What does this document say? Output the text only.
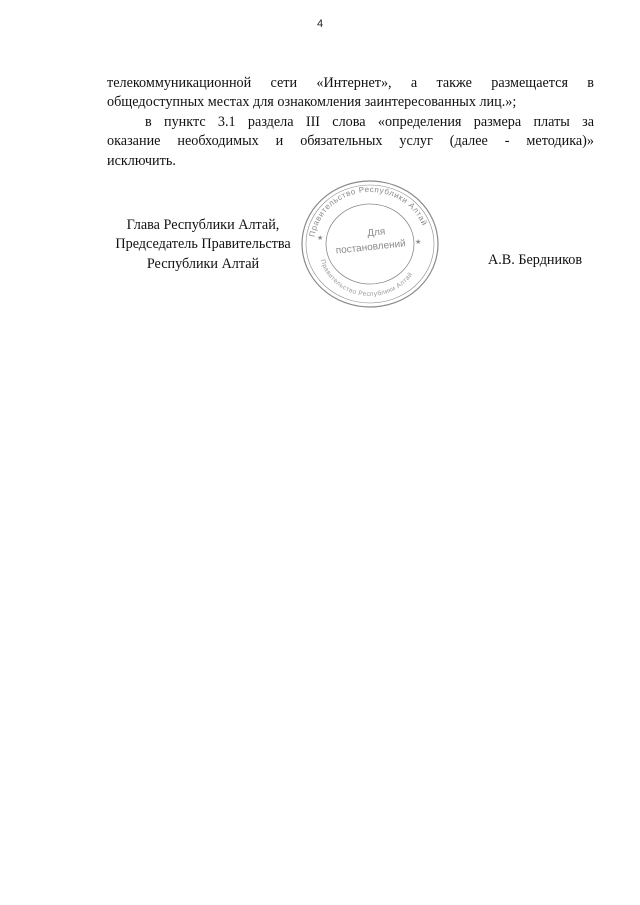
4

телекоммуникационной сети «Интернет», а также размещается в

общедоступных местах для ознакомления заинтересованных лиц.»;

в пунктс 3.1 раздела III слова «определения размера платы за

оказание необходимых и обязательных услуг (далее - методика)»

исключить.

Глава Республики Алтай,
Председатель Правительства
Республики Алтай	А.В. Бердников
Правительство Республики Алтай
Правительство Республики Алтай
Для
постановлений
★
★
